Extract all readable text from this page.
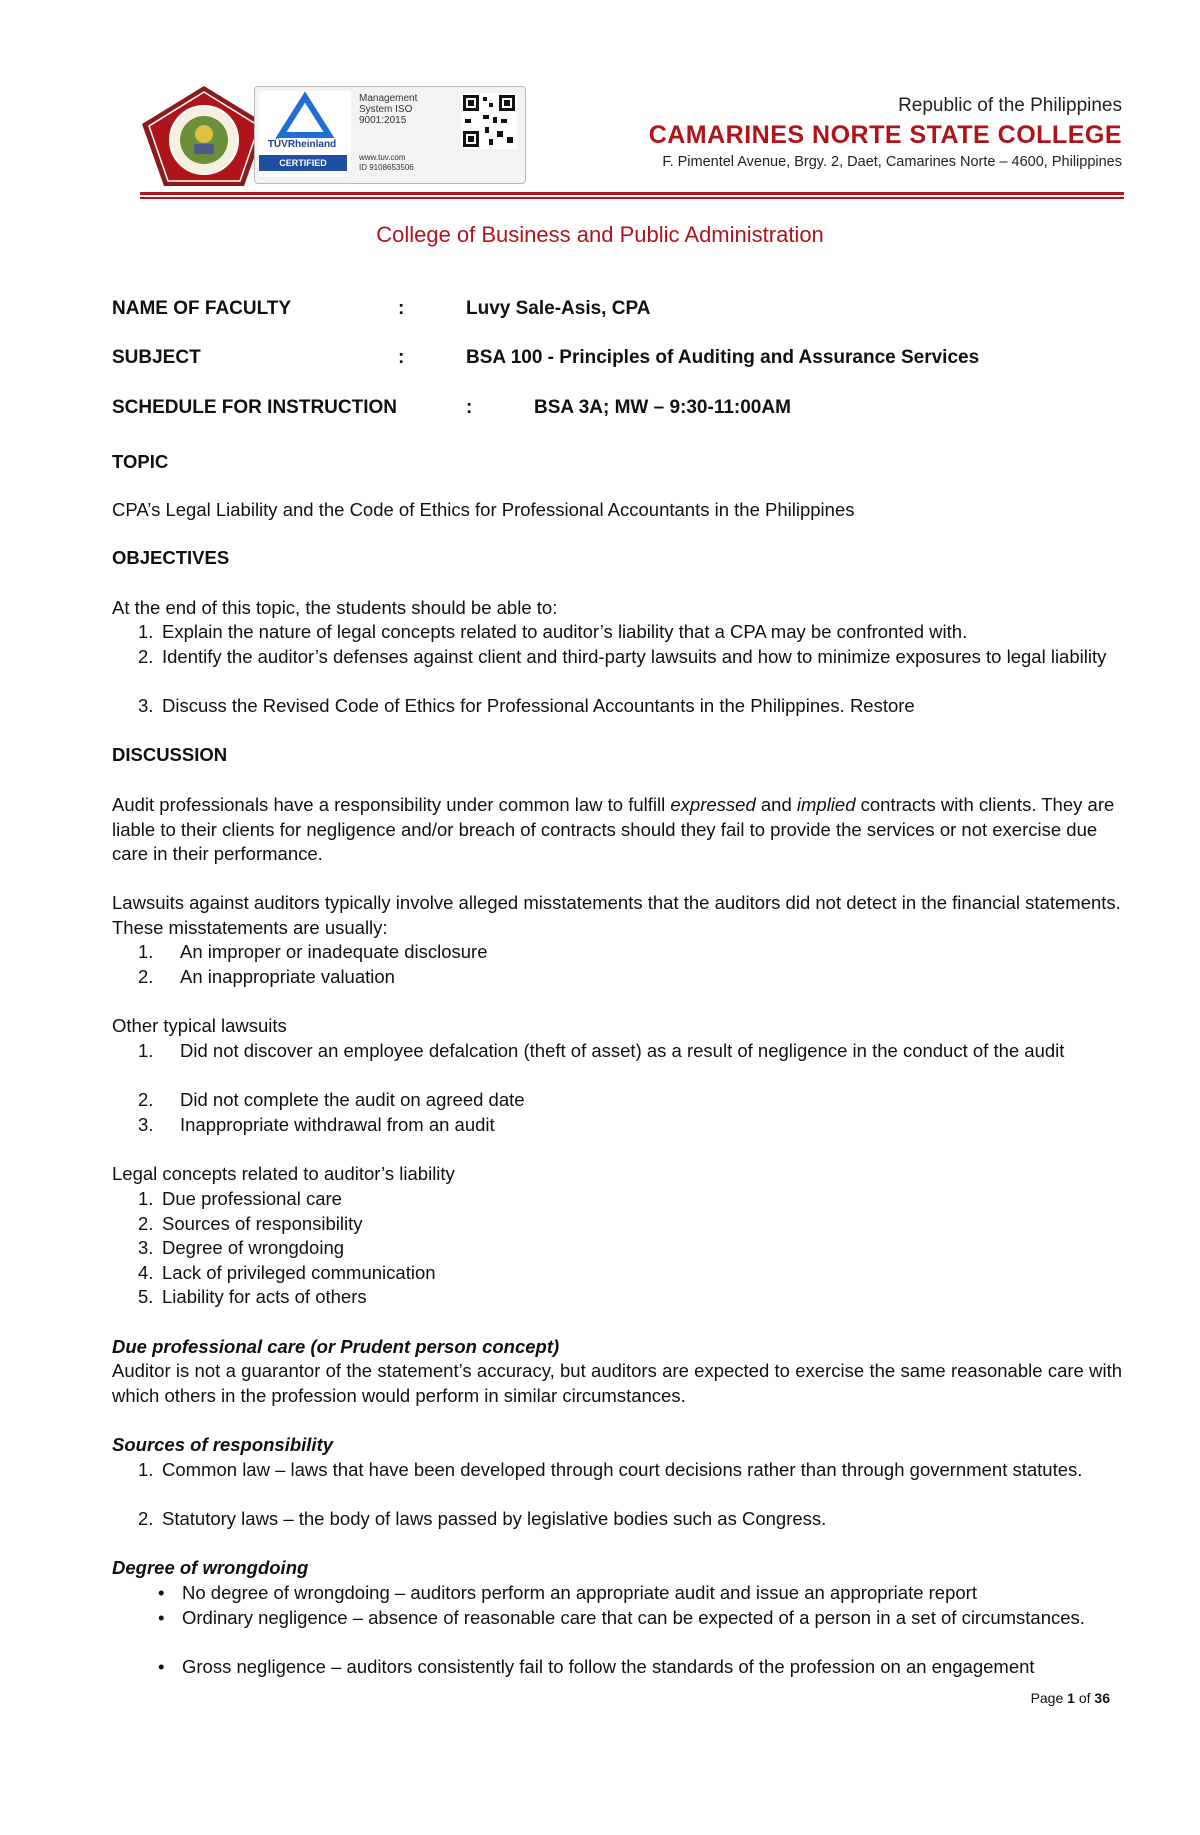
TÜVRheinland
CERTIFIED
Management System ISO 9001:2015
www.tuv.com
ID 9108653506
Republic of the Philippines
CAMARINES NORTE STATE COLLEGE
F. Pimentel Avenue, Brgy. 2, Daet, Camarines Norte – 4600, Philippines
College of Business and Public Administration
NAME OF FACULTY	:	Luvy Sale-Asis, CPA
SUBJECT	:	BSA 100 - Principles of Auditing and Assurance Services
SCHEDULE FOR INSTRUCTION	:	BSA 3A; MW – 9:30-11:00AM
TOPIC
CPA’s Legal Liability and the Code of Ethics for Professional Accountants in the Philippines
OBJECTIVES
At the end of this topic, the students should be able to:
1. Explain the nature of legal concepts related to auditor’s liability that a CPA may be confronted with.
2. Identify the auditor’s defenses against client and third-party lawsuits and how to minimize exposures to legal liability
3. Discuss the Revised Code of Ethics for Professional Accountants in the Philippines. Restore
DISCUSSION
Audit professionals have a responsibility under common law to fulfill expressed and implied contracts with clients. They are liable to their clients for negligence and/or breach of contracts should they fail to provide the services or not exercise due care in their performance.
Lawsuits against auditors typically involve alleged misstatements that the auditors did not detect in the financial statements. These misstatements are usually:
1. An improper or inadequate disclosure
2. An inappropriate valuation
Other typical lawsuits
1. Did not discover an employee defalcation (theft of asset) as a result of negligence in the conduct of the audit
2. Did not complete the audit on agreed date
3. Inappropriate withdrawal from an audit
Legal concepts related to auditor’s liability
1. Due professional care
2. Sources of responsibility
3. Degree of wrongdoing
4. Lack of privileged communication
5. Liability for acts of others
Due professional care (or Prudent person concept)
Auditor is not a guarantor of the statement’s accuracy, but auditors are expected to exercise the same reasonable care with which others in the profession would perform in similar circumstances.
Sources of responsibility
1. Common law – laws that have been developed through court decisions rather than through government statutes.
2. Statutory laws – the body of laws passed by legislative bodies such as Congress.
Degree of wrongdoing
• No degree of wrongdoing – auditors perform an appropriate audit and issue an appropriate report
• Ordinary negligence – absence of reasonable care that can be expected of a person in a set of circumstances.
• Gross negligence – auditors consistently fail to follow the standards of the profession on an engagement
Page 1 of 36
